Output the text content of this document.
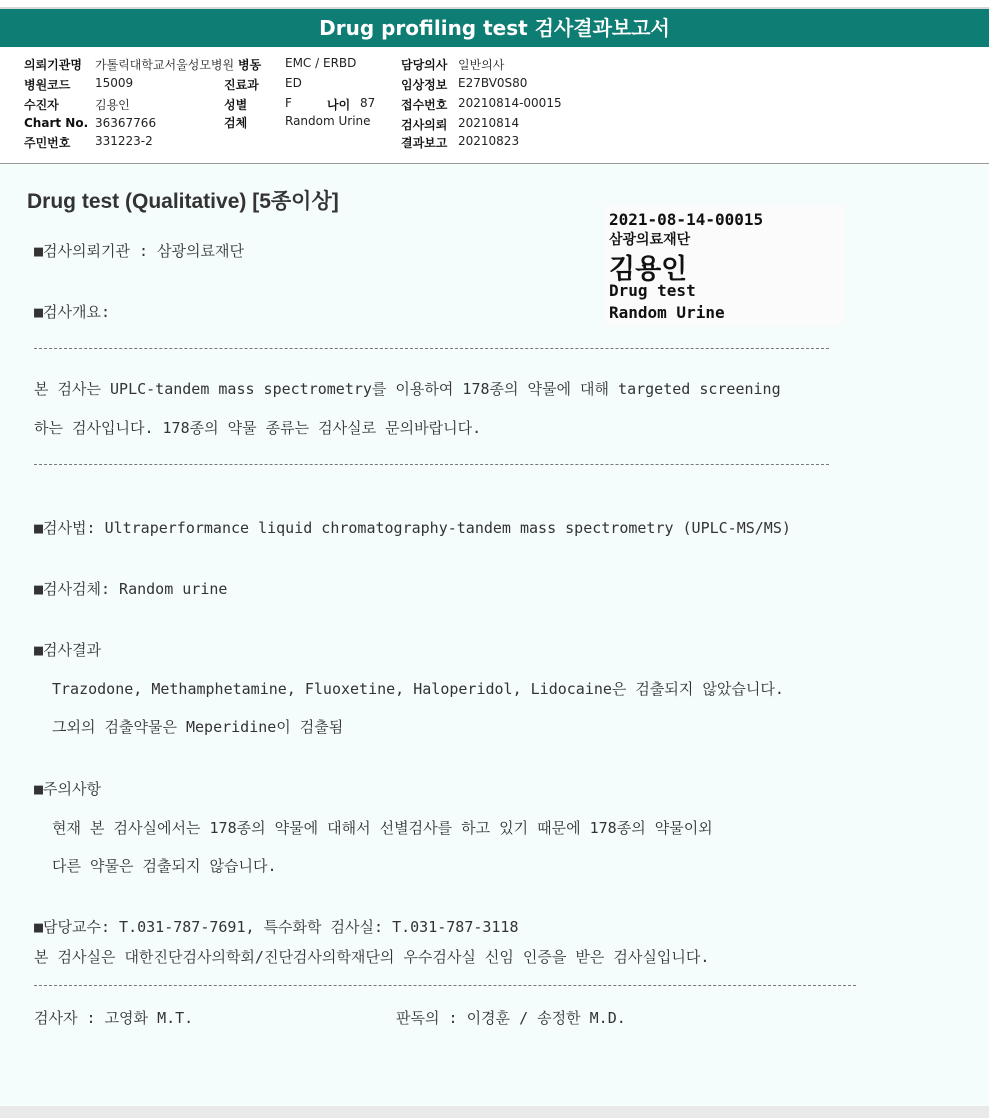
Drug profiling test 검사결과보고서
의뢰기관명 가톨릭대학교서울성모병원
병원코드 15009
수진자	김용인
Chart No. 36367766
주민번호 331223-2
병동 EMC / ERBD
진료과 ED
성별	F	나이 87
검체	Random Urine
담당의사 일반의사
임상정보 E27BV0S80
접수번호 20210814-00015
검사의뢰 20210814
결과보고 20210823
Drug test (Qualitative) [5종이상]
2021-08-14-00015
삼광의료재단
김용인
Drug test
Random Urine
■검사의뢰기관 : 삼광의료재단
■검사개요:
본 검사는 UPLC-tandem mass spectrometry를 이용하여 178종의 약물에 대해 targeted screening
하는 검사입니다. 178종의 약물 종류는 검사실로 문의바랍니다.
■검사법: Ultraperformance liquid chromatography-tandem mass spectrometry (UPLC-MS/MS)
■검사검체: Random urine
■검사결과
Trazodone, Methamphetamine, Fluoxetine, Haloperidol, Lidocaine은 검출되지 않았습니다.
그외의 검출약물은 Meperidine이 검출됨
■주의사항
현재 본 검사실에서는 178종의 약물에 대해서 선별검사를 하고 있기 때문에 178종의 약물이외
다른 약물은 검출되지 않습니다.
■담당교수: T.031-787-7691, 특수화학 검사실: T.031-787-3118
본 검사실은 대한진단검사의학회/진단검사의학재단의 우수검사실 신임 인증을 받은 검사실입니다.
검사자 : 고영화 M.T.	판독의 : 이경훈 / 송정한 M.D.
